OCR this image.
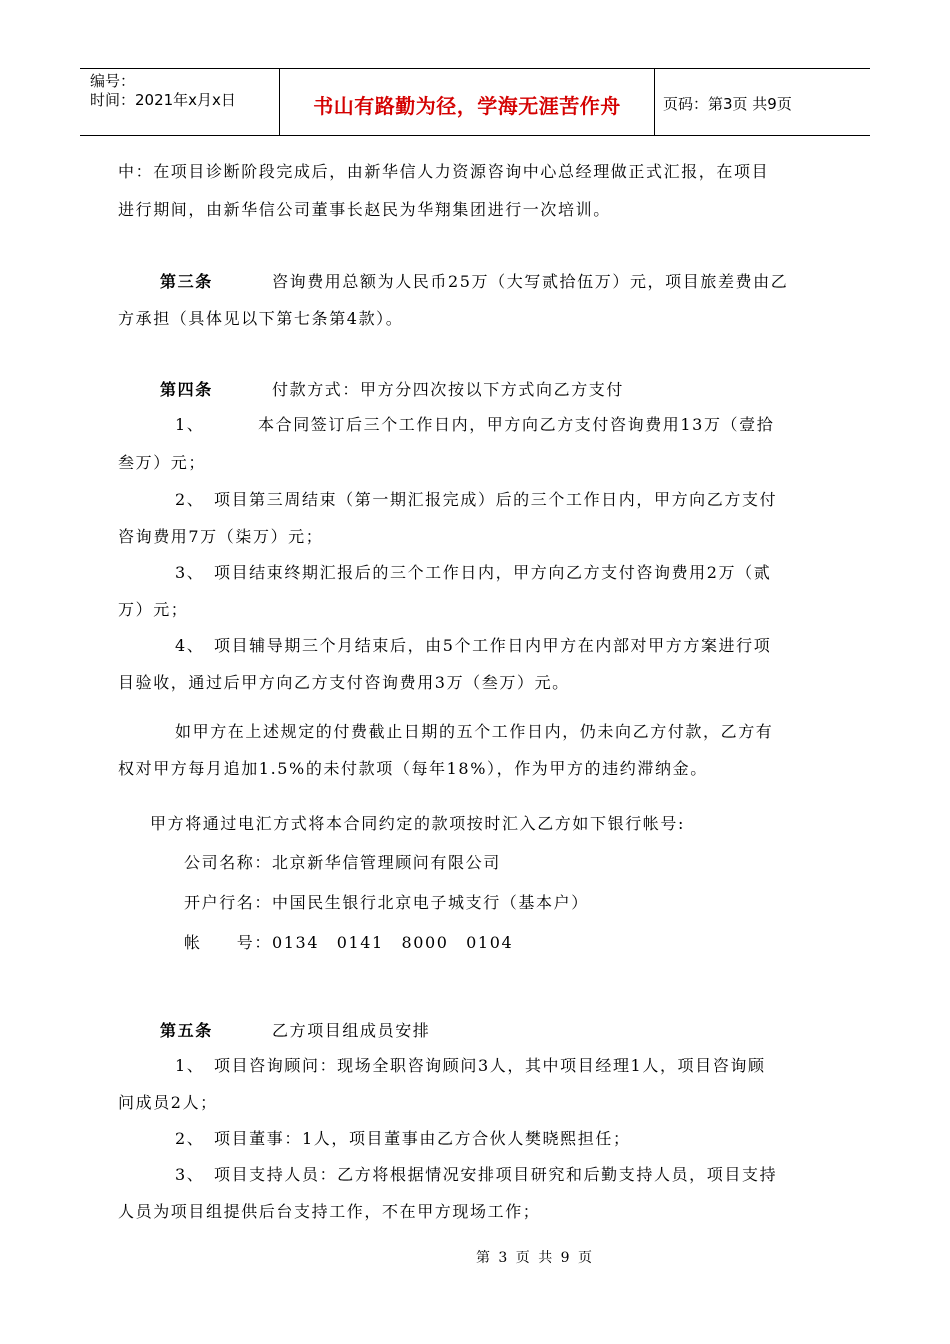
编号：
时间：2021年x月x日	书山有路勤为径，学海无涯苦作舟	页码：第3页 共9页
中：在项目诊断阶段完成后，由新华信人力资源咨询中心总经理做正式汇报，在项目
进行期间，由新华信公司董事长赵民为华翔集团进行一次培训。
第三条	咨询费用总额为人民币25万（大写贰拾伍万）元，项目旅差费由乙
方承担（具体见以下第七条第4款）。
第四条	付款方式：甲方分四次按以下方式向乙方支付
1、	本合同签订后三个工作日内，甲方向乙方支付咨询费用13万（壹拾
叁万）元；
2、　项目第三周结束（第一期汇报完成）后的三个工作日内，甲方向乙方支付
咨询费用7万（柒万）元；
3、　项目结束终期汇报后的三个工作日内，甲方向乙方支付咨询费用2万（贰
万）元；
4、　项目辅导期三个月结束后，由5个工作日内甲方在内部对甲方方案进行项
目验收，通过后甲方向乙方支付咨询费用3万（叁万）元。
如甲方在上述规定的付费截止日期的五个工作日内，仍未向乙方付款，乙方有
权对甲方每月追加1.5%的未付款项（每年18%），作为甲方的违约滞纳金。
甲方将通过电汇方式将本合同约定的款项按时汇入乙方如下银行帐号:
公司名称：北京新华信管理顾问有限公司
开户行名：中国民生银行北京电子城支行（基本户）
帐　　号：0134　0141　8000　0104
第五条	乙方项目组成员安排
1、　项目咨询顾问：现场全职咨询顾问3人，其中项目经理1人，项目咨询顾
问成员2人；
2、　项目董事：1人，项目董事由乙方合伙人樊晓熙担任；
3、　项目支持人员：乙方将根据情况安排项目研究和后勤支持人员，项目支持
人员为项目组提供后台支持工作，不在甲方现场工作；
第 3 页 共 9 页
